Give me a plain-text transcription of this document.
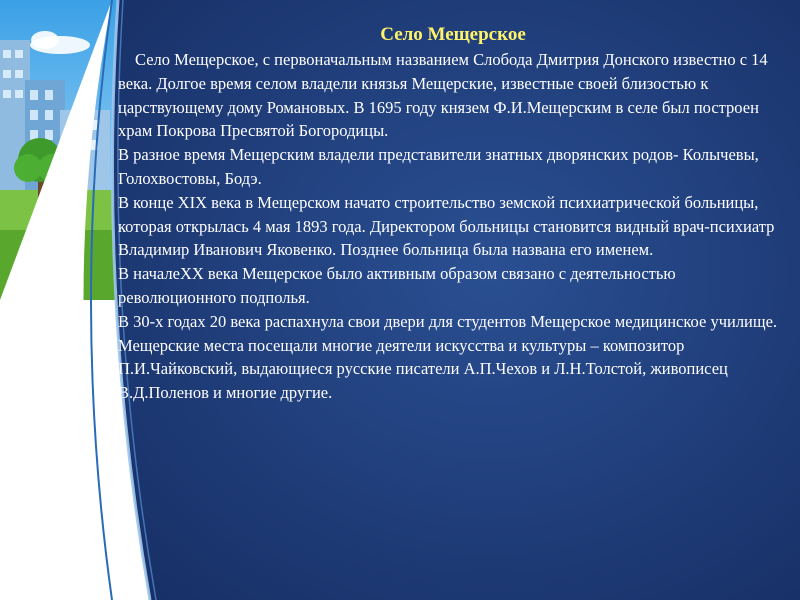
Село Мещерское
Село Мещерское, с первоначальным названием Слобода Дмитрия Донского известно с 14 века. Долгое время селом владели князья Мещерские, известные своей близостью к царствующему дому Романовых. В 1695 году князем Ф.И.Мещерским в селе был построен храм Покрова Пресвятой Богородицы.
В разное время Мещерским владели представители знатных дворянских родов- Колычевы, Голохвостовы, Бодэ.
В конце XIX века в Мещерском начато строительство земской психиатрической больницы, которая открылась 4 мая 1893 года. Директором больницы становится видный врач-психиатр Владимир Иванович Яковенко. Позднее больница была названа его именем.
В началеХХ века Мещерское было активным образом связано с деятельностью революционного подполья.
В 30-х годах 20 века распахнула свои двери для студентов Мещерское медицинское училище. Мещерские места посещали многие деятели искусства и культуры – композитор П.И.Чайковский, выдающиеся русские писатели А.П.Чехов и Л.Н.Толстой, живописец В.Д.Поленов и многие другие.
